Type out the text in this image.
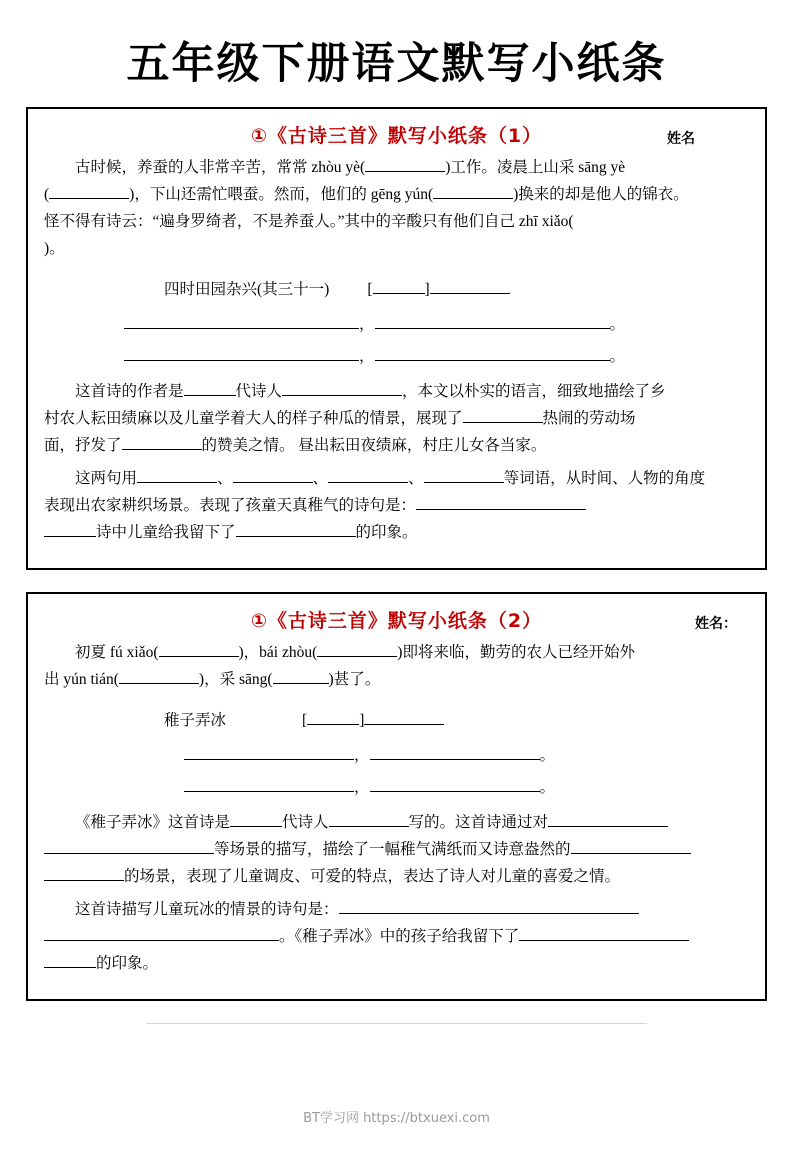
五年级下册语文默写小纸条
①《古诗三首》默写小纸条（1）	姓名
古时候，养蚕的人非常辛苦，常常 zhòu yè(	)工作。凌晨上山采 sāng yè
(	)，下山还需忙喂蚕。然而，他们的 gēng yún(	)换来的却是他人的锦衣。
怪不得有诗云：“遍身罗绮者，不是养蚕人。”其中的辛酸只有他们自己 zhī xiǎo(
)。
四时田园杂兴(其三十一) [	]
，	。
，	。
这首诗的作者是	代诗人	，本文以朴实的语言，细致地描绘了乡
村农人耘田绩麻以及儿童学着大人的样子种瓜的情景，展现了	热闹的劳动场
面，抒发了	的赞美之情。 昼出耘田夜绩麻，村庄儿女各当家。
这两句用	、	、	、	等词语，从时间、人物的角度
表现出农家耕织场景。表现了孩童天真稚气的诗句是：
诗中儿童给我留下了	的印象。
①《古诗三首》默写小纸条（2）	姓名：
初夏 fú xiǎo(	)，bái zhòu(	)即将来临，勤劳的农人已经开始外
出 yún tián(	)，采 sāng(	)甚了。
稚子弄冰	[	]
，	。
，	。
《稚子弄冰》这首诗是	代诗人	写的。这首诗通过对
等场景的描写，描绘了一幅稚气满纸而又诗意盎然的
的场景，表现了儿童调皮、可爱的特点，表达了诗人对儿童的喜爱之情。
这首诗描写儿童玩冰的情景的诗句是：
。《稚子弄冰》中的孩子给我留下了
的印象。
BT学习网 https://btxuexi.com
